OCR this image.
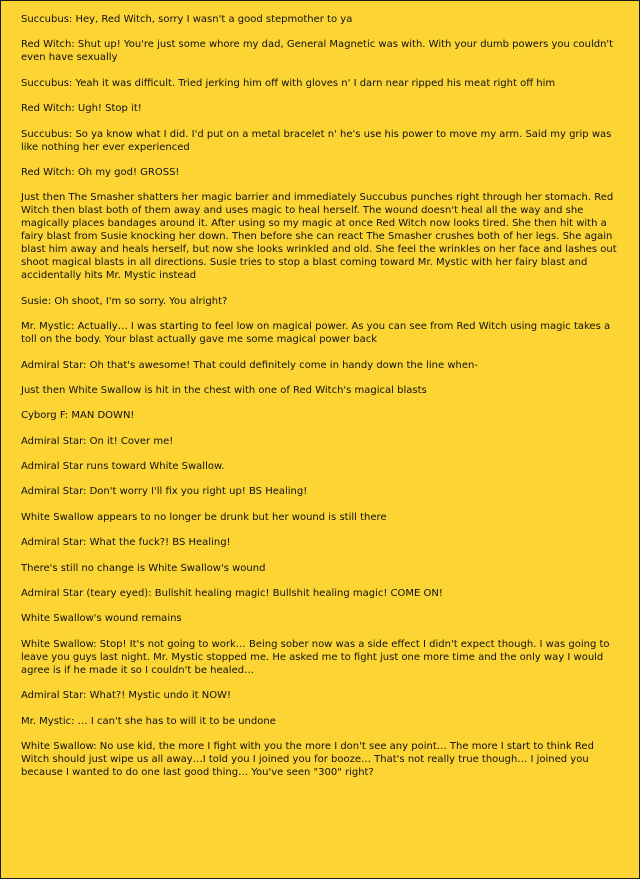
Succubus: Hey, Red Witch, sorry I wasn't a good stepmother to ya

Red Witch: Shut up! You're just some whore my dad, General Magnetic was with. With your dumb powers you couldn't even have sexually

Succubus: Yeah it was difficult. Tried jerking him off with gloves n' I darn near ripped his meat right off him

Red Witch: Ugh! Stop it!

Succubus: So ya know what I did. I'd put on a metal bracelet n' he's use his power to move my arm. Said my grip was like nothing her ever experienced

Red Witch: Oh my god! GROSS!

Just then The Smasher shatters her magic barrier and immediately Succubus punches right through her stomach. Red Witch then blast both of them away and uses magic to heal herself. The wound doesn't heal all the way and she magically places bandages around it. After using so my magic at once Red Witch now looks tired. She then hit with a fairy blast from Susie knocking her down. Then before she can react The Smasher crushes both of her legs. She again blast him away and heals herself, but now she looks wrinkled and old. She feel the wrinkles on her face and lashes out shoot magical blasts in all directions. Susie tries to stop a blast coming toward Mr. Mystic with her fairy blast and accidentally hits Mr. Mystic instead

Susie: Oh shoot, I'm so sorry. You alright?

Mr. Mystic: Actually… I was starting to feel low on magical power. As you can see from Red Witch using magic takes a toll on the body. Your blast actually gave me some magical power back

Admiral Star: Oh that's awesome! That could definitely come in handy down the line when-

Just then White Swallow is hit in the chest with one of Red Witch's magical blasts

Cyborg F: MAN DOWN!

Admiral Star: On it! Cover me!

Admiral Star runs toward White Swallow.

Admiral Star: Don't worry I'll fix you right up! BS Healing!

White Swallow appears to no longer be drunk but her wound is still there

Admiral Star: What the fuck?! BS Healing!

There's still no change is White Swallow's wound

Admiral Star (teary eyed): Bullshit healing magic! Bullshit healing magic! COME ON!

White Swallow's wound remains

White Swallow: Stop! It's not going to work… Being sober now was a side effect I didn't expect though. I was going to leave you guys last night. Mr. Mystic stopped me. He asked me to fight just one more time and the only way I would agree is if he made it so I couldn't be healed…

Admiral Star: What?! Mystic undo it NOW!

Mr. Mystic: … I can't she has to will it to be undone

White Swallow: No use kid, the more I fight with you the more I don't see any point… The more I start to think Red Witch should just wipe us all away…I told you I joined you for booze… That's not really true though… I joined you because I wanted to do one last good thing… You've seen "300" right?
